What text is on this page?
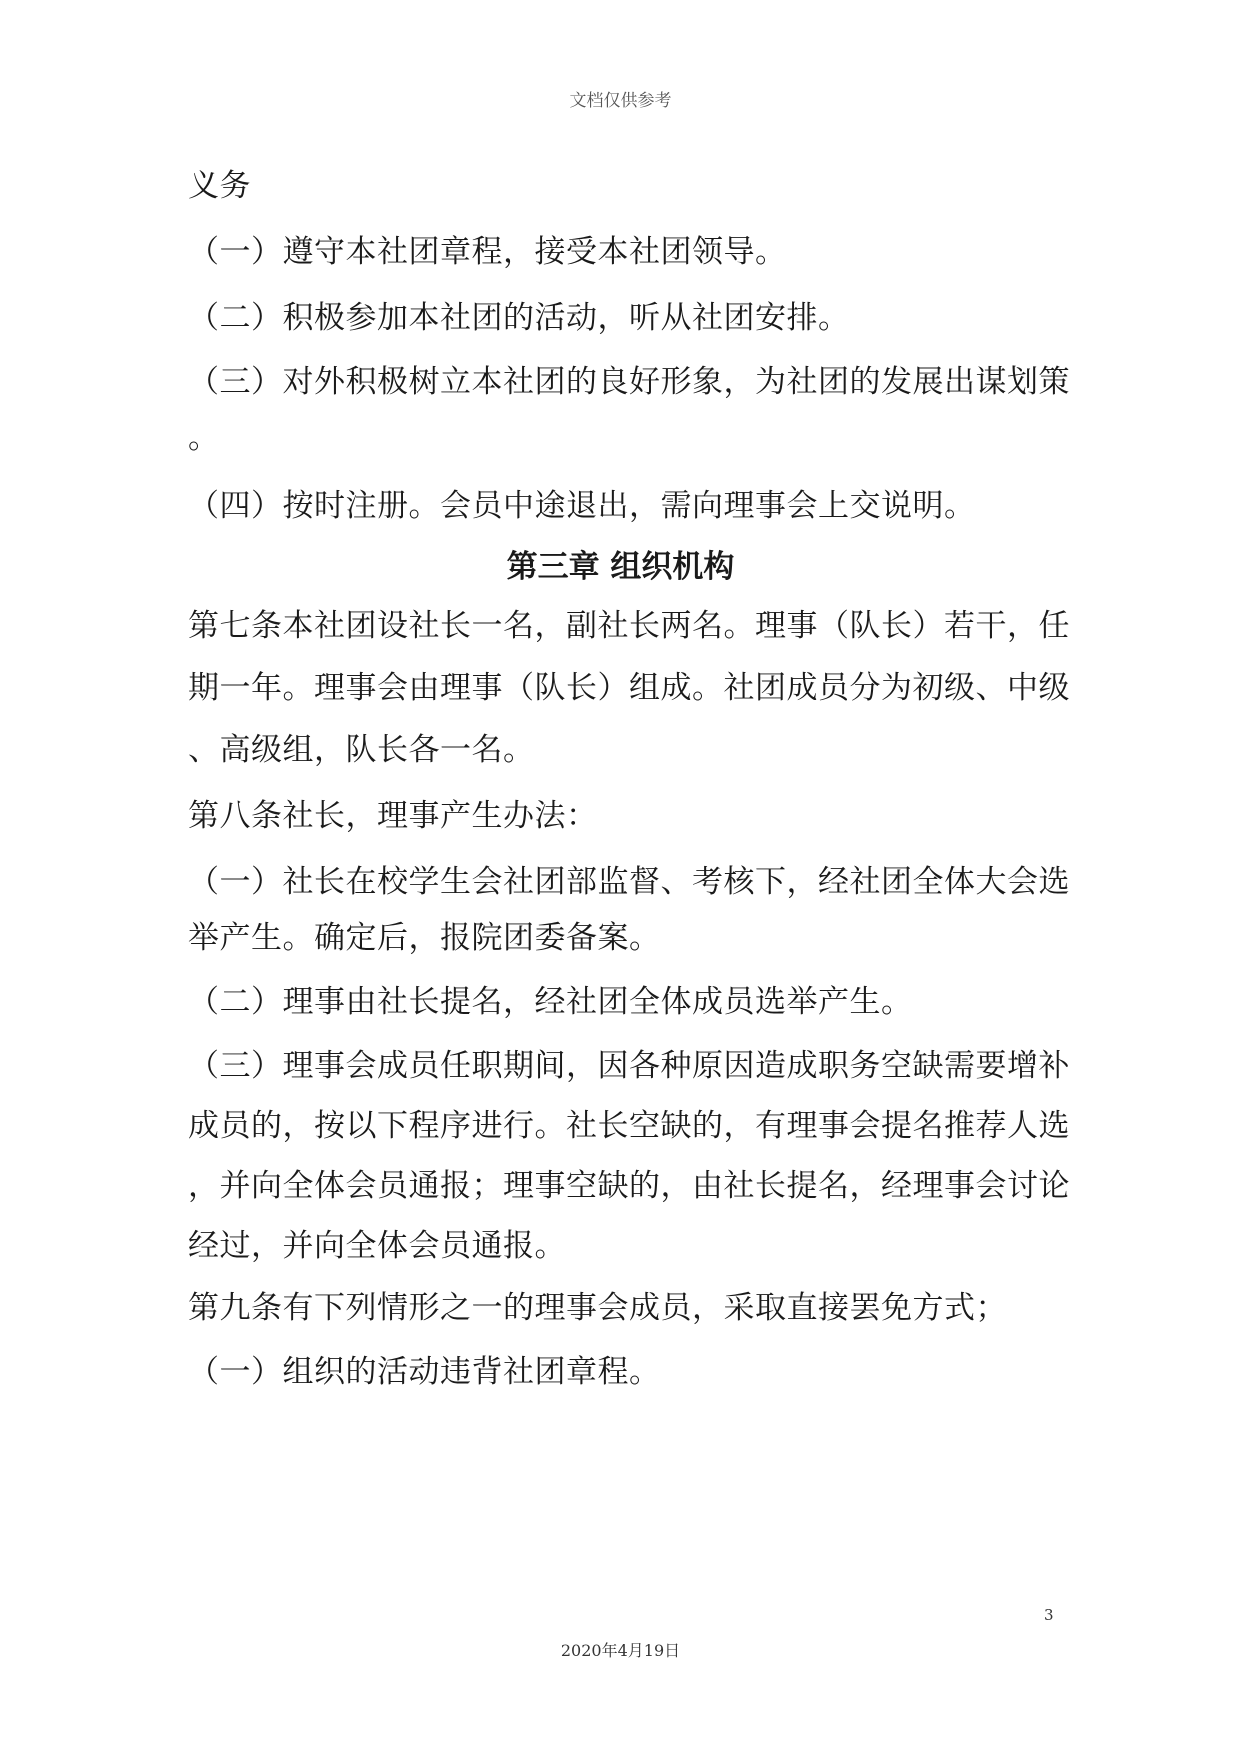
文档仅供参考
义务
（一）遵守本社团章程，接受本社团领导。
（二）积极参加本社团的活动，听从社团安排。
（三）对外积极树立本社团的良好形象，为社团的发展出谋划策
。
（四）按时注册。会员中途退出，需向理事会上交说明。
第三章 组织机构
第七条本社团设社长一名，副社长两名。理事（队长）若干，任
期一年。理事会由理事（队长）组成。社团成员分为初级、中级
、高级组，队长各一名。
第八条社长，理事产生办法：
（一）社长在校学生会社团部监督、考核下，经社团全体大会选
举产生。确定后，报院团委备案。
（二）理事由社长提名，经社团全体成员选举产生。
（三）理事会成员任职期间，因各种原因造成职务空缺需要增补
成员的，按以下程序进行。社长空缺的，有理事会提名推荐人选
，并向全体会员通报；理事空缺的，由社长提名，经理事会讨论
经过，并向全体会员通报。
第九条有下列情形之一的理事会成员，采取直接罢免方式；
（一）组织的活动违背社团章程。
3
2020年4月19日
